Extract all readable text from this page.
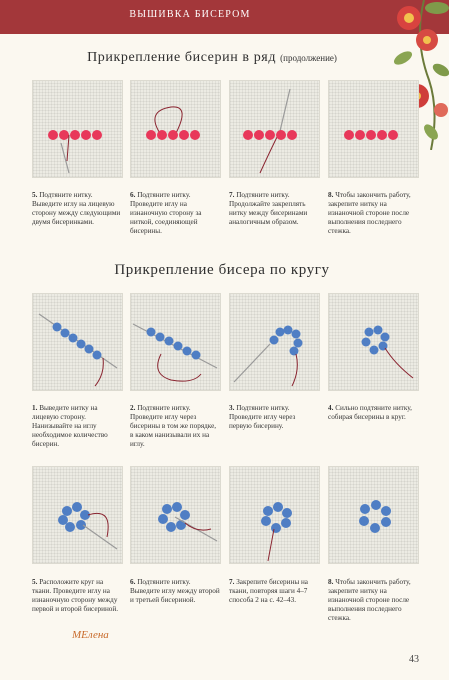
ВЫШИВКА БИСЕРОМ
Прикрепление бисерин в ряд (продолжение)
5. Подтяните нитку. Выведите иглу на лицевую сторону между следующими двумя бисеринками.
6. Подтяните нитку. Проведите иглу на изнаночную сторону за ниткой, соединяющей бисерины.
7. Подтяните нитку. Продолжайте закреплять нитку между бисеринами аналогичным образом.
8. Чтобы закончить работу, закрепите нитку на изнаночной стороне после выполнения последнего стежка.
Прикрепление бисера по кругу
1. Выведите нитку на лицевую сторону. Нанизывайте на иглу необходимое количество бисерин.
2. Подтяните нитку. Проведите иглу через бисерины в том же порядке, в каком нанизывали их на иглу.
3. Подтяните нитку. Проведите иглу через первую бисерину.
4. Сильно подтяните нитку, собирая бисерины в круг.
5. Расположите круг на ткани. Проведите иглу на изнаночную сторону между первой и второй бисериной.
6. Подтяните нитку. Выведите иглу между второй и третьей бисериной.
7. Закрепите бисерины на ткани, повторяя шаги 4–7 способа 2 на с. 42–43.
8. Чтобы закончить работу, закрепите нитку на изнаночной стороне после выполнения последнего стежка.
МЕлена
43
